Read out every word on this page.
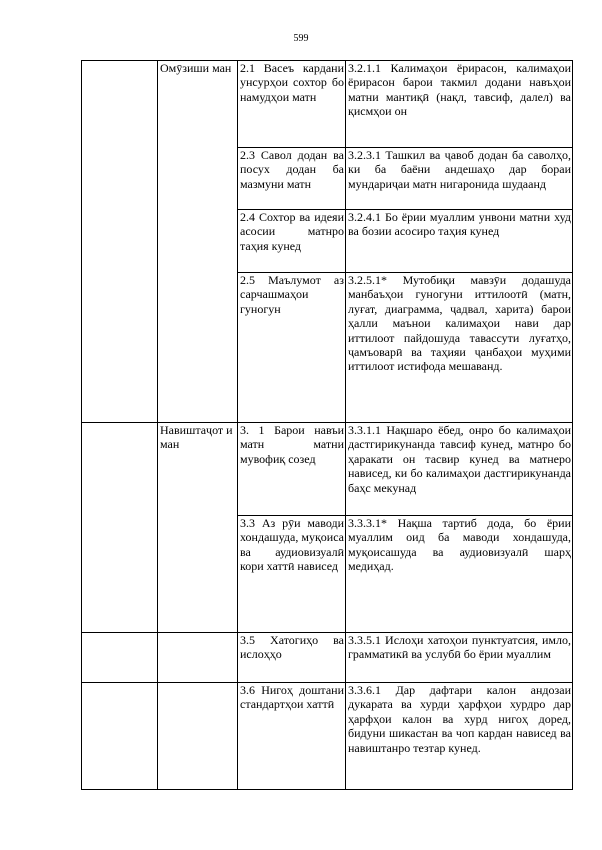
599
	Омӯзиши ман	2.1 Васеъ кардани унсурҳои сохтор бо намудҳои матн	3.2.1.1 Калимаҳои ёрирасон, калимаҳои ёрирасон барои такмил додани навъҳои матни мантиқӣ (нақл, тавсиф, далел) ва қисмҳои он
		2.3 Савол додан ва посух додан ба мазмуни матн	3.2.3.1 Ташкил ва ҷавоб додан ба саволҳо, ки ба баёни андешаҳо дар бораи мундариҷаи матн нигаронида шудаанд
		2.4 Сохтор ва идеяи асосии матнро таҳия кунед	3.2.4.1 Бо ёрии муаллим унвони матни худ ва бозии асосиро таҳия кунед
		2.5 Маълумот аз сарчашмаҳои гуногун	3.2.5.1* Мутобиқи мавзӯи додашуда манбаъҳои гуногуни иттилоотӣ (матн, луғат, диаграмма, ҷадвал, харита) барои ҳалли маънои калимаҳои нави дар иттилоот пайдошуда тавассути луғатҳо, ҷамъоварӣ ва таҳияи ҷанбаҳои муҳими иттилоот истифода мешаванд.
	Навиштаҷот и ман	3. 1 Барои навъи матн матни мувофиқ созед	3.3.1.1 Нақшаро ёбед, онро бо калимаҳои дастгирикунанда тавсиф кунед, матнро бо ҳаракати он тасвир кунед ва матнеро нависед, ки бо калимаҳои дастгирикунанда баҳс мекунад
		3.3 Аз рӯи маводи хондашуда, муқоиса ва аудиовизуалӣ кори хаттӣ нависед	3.3.3.1* Нақша тартиб дода, бо ёрии муаллим оид ба маводи хондашуда, муқоисашуда ва аудиовизуалӣ шарҳ медиҳад.
		3.5 Хатогиҳо ва ислоҳҳо	3.3.5.1 Ислоҳи хатоҳои пунктуатсия, имло, грамматикӣ ва услубӣ бо ёрии муаллим
		3.6 Нигоҳ доштани стандартҳои хаттӣ	3.3.6.1 Дар дафтари калон андозаи дукарата ва хурди ҳарфҳои хурдро дар ҳарфҳои калон ва хурд нигоҳ доред, бидуни шикастан ва чоп кардан нависед ва навиштанро тезтар кунед.
